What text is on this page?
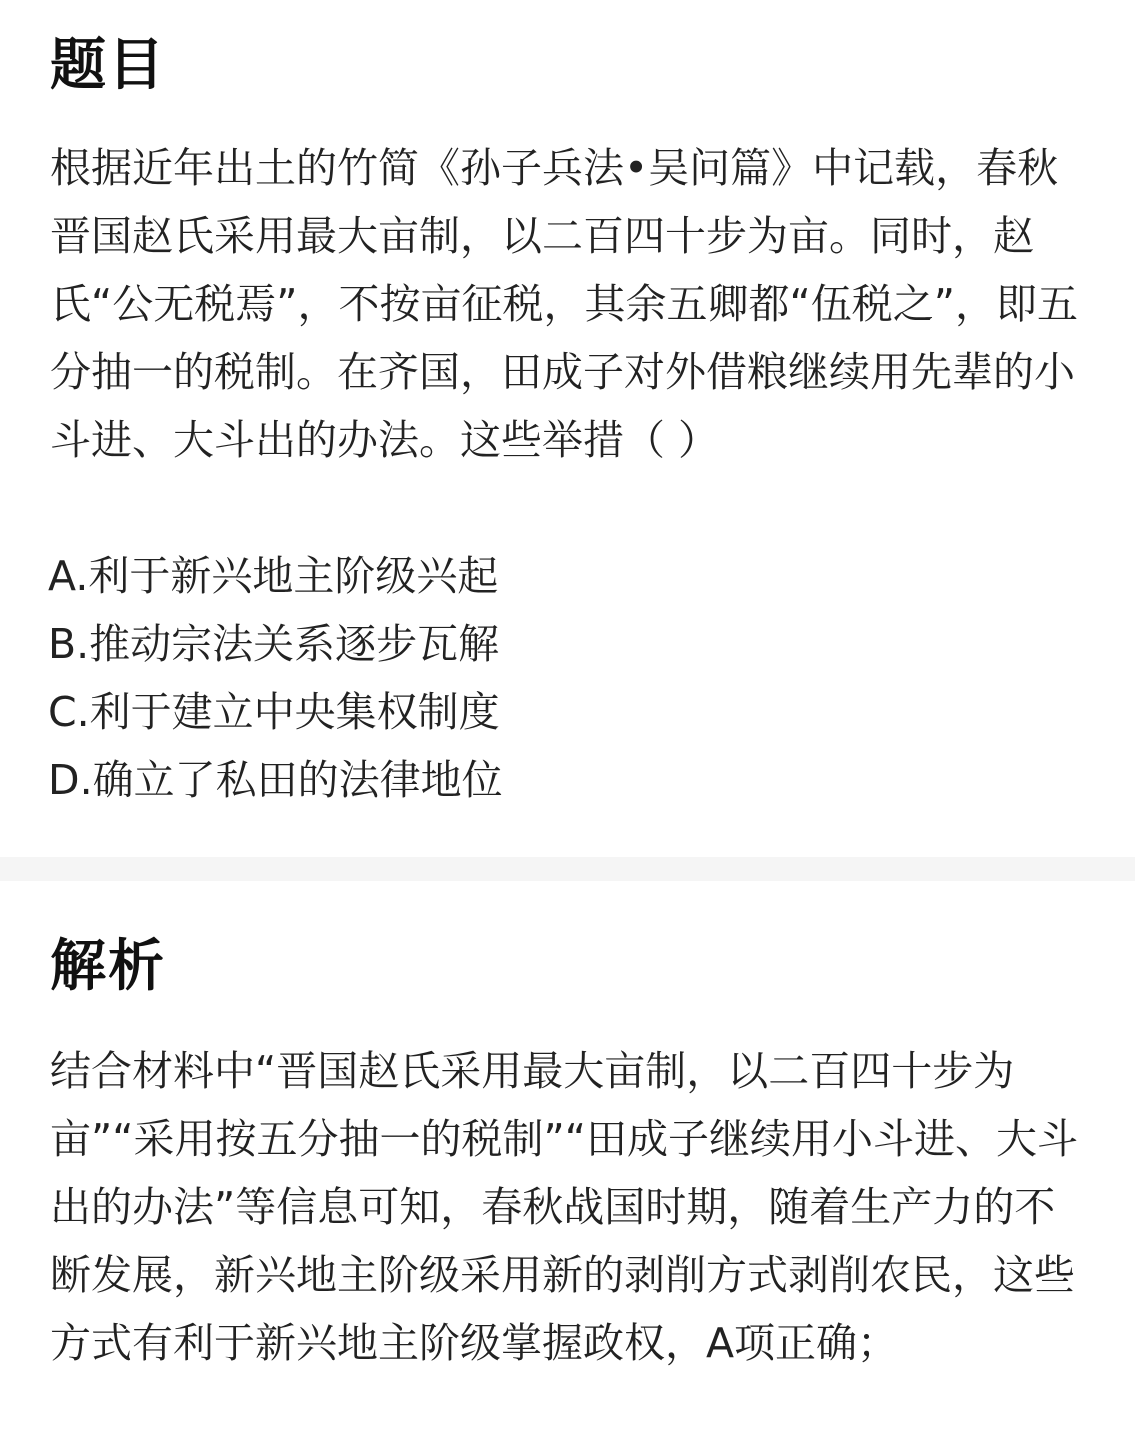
题目

根据近年出土的竹简《孙子兵法•吴问篇》中记载，春秋晋国赵氏采用最大亩制，以二百四十步为亩。同时，赵氏“公无税焉”，不按亩征税，其余五卿都“伍税之”，即五分抽一的税制。在齐国，田成子对外借粮继续用先辈的小斗进、大斗出的办法。这些举措（ ）

A.利于新兴地主阶级兴起
B.推动宗法关系逐步瓦解
C.利于建立中央集权制度
D.确立了私田的法律地位
解析

结合材料中“晋国赵氏采用最大亩制，以二百四十步为亩”“采用按五分抽一的税制”“田成子继续用小斗进、大斗出的办法”等信息可知，春秋战国时期，随着生产力的不断发展，新兴地主阶级采用新的剥削方式剥削农民，这些方式有利于新兴地主阶级掌握政权，A项正确；
